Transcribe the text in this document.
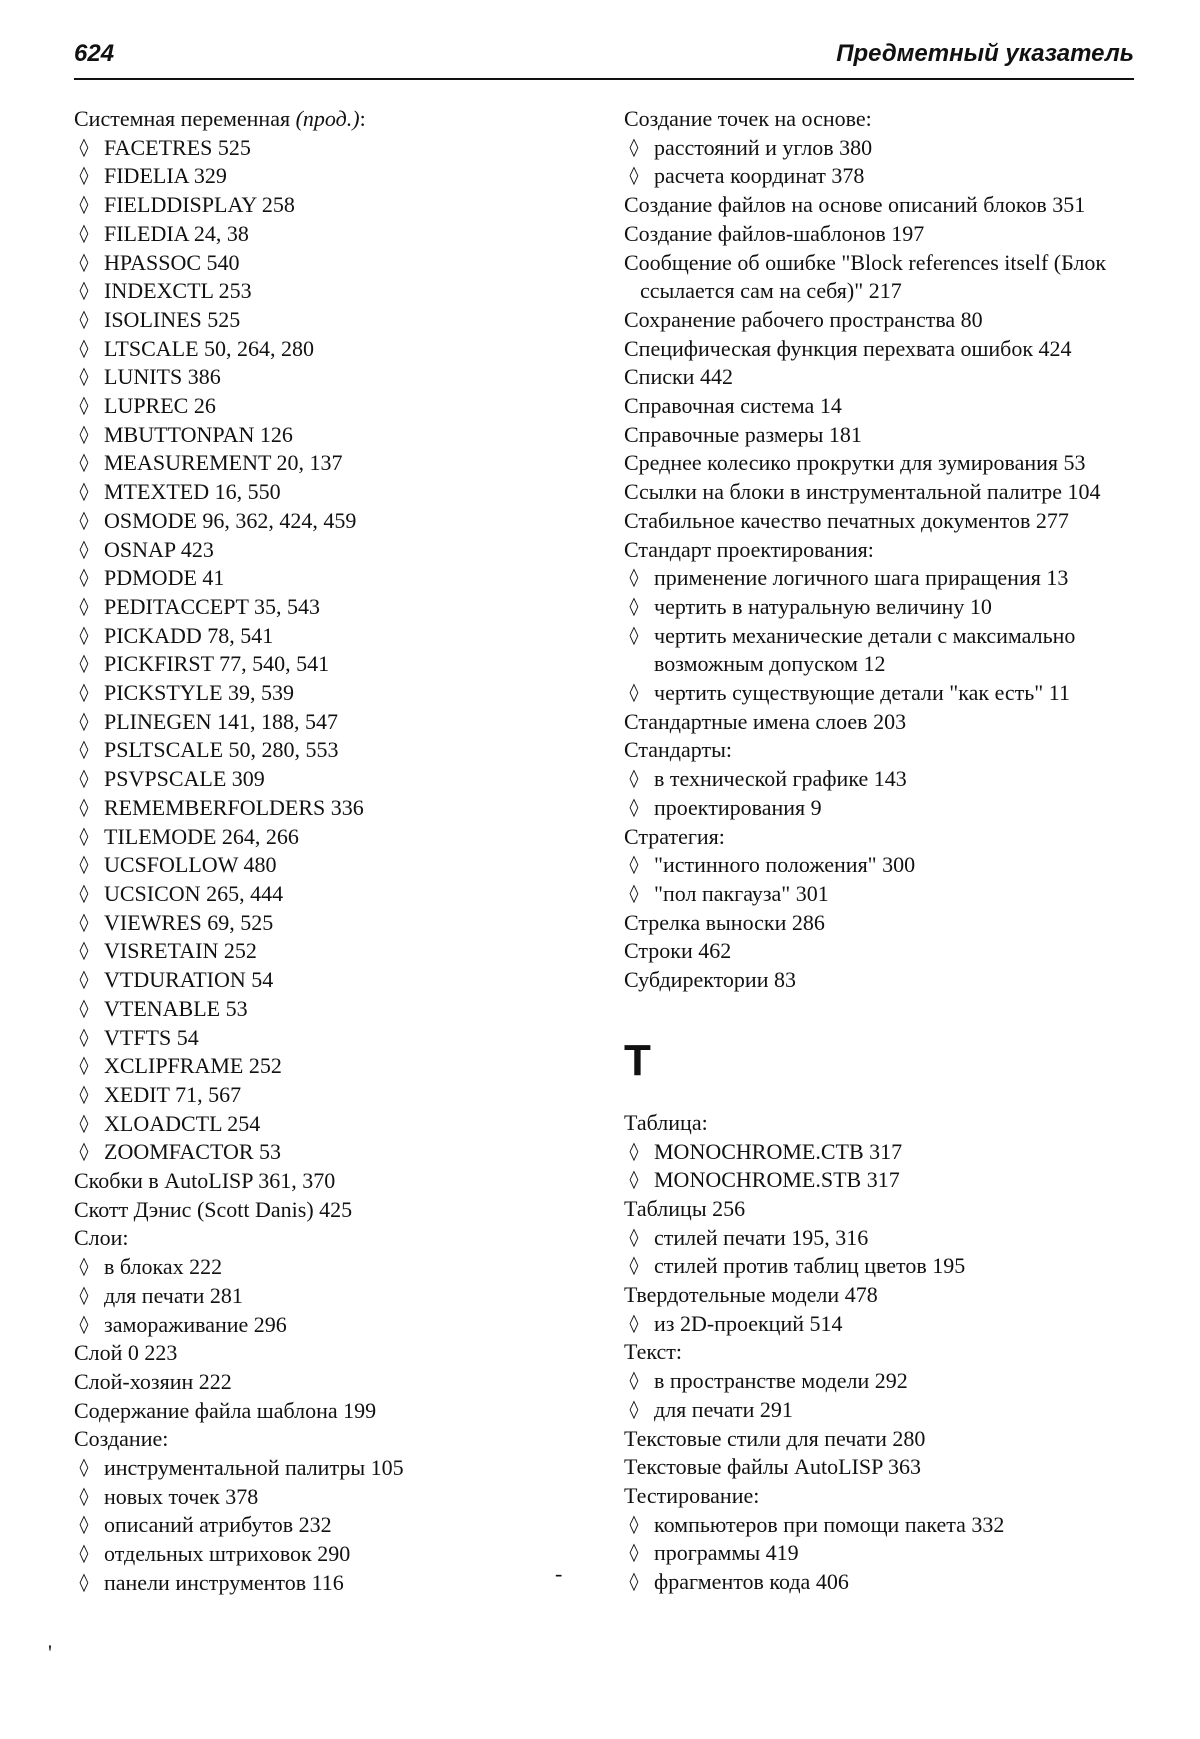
624	Предметный указатель
Системная переменная (прод.):
◊ FACETRES 525
◊ FIDELIA 329
◊ FIELDDISPLAY 258
◊ FILEDIA 24, 38
◊ HPASSOC 540
◊ INDEXCTL 253
◊ ISOLINES 525
◊ LTSCALE 50, 264, 280
◊ LUNITS 386
◊ LUPREC 26
◊ MBUTTONPAN 126
◊ MEASUREMENT 20, 137
◊ MTEXTED 16, 550
◊ OSMODE 96, 362, 424, 459
◊ OSNAP 423
◊ PDMODE 41
◊ PEDITACCEPT 35, 543
◊ PICKADD 78, 541
◊ PICKFIRST 77, 540, 541
◊ PICKSTYLE 39, 539
◊ PLINEGEN 141, 188, 547
◊ PSLTSCALE 50, 280, 553
◊ PSVPSCALE 309
◊ REMEMBERFOLDERS 336
◊ TILEMODE 264, 266
◊ UCSFOLLOW 480
◊ UCSICON 265, 444
◊ VIEWRES 69, 525
◊ VISRETAIN 252
◊ VTDURATION 54
◊ VTENABLE 53
◊ VTFTS 54
◊ XCLIPFRAME 252
◊ XEDIT 71, 567
◊ XLOADCTL 254
◊ ZOOMFACTOR 53
Скобки в AutoLISP 361, 370
Скотт Дэнис (Scott Danis) 425
Слои:
◊ в блоках 222
◊ для печати 281
◊ замораживание 296
Слой 0 223
Слой-хозяин 222
Содержание файла шаблона 199
Создание:
◊ инструментальной палитры 105
◊ новых точек 378
◊ описаний атрибутов 232
◊ отдельных штриховок 290
◊ панели инструментов 116
Создание точек на основе:
◊ расстояний и углов 380
◊ расчета координат 378
Создание файлов на основе описаний блоков 351
Создание файлов-шаблонов 197
Сообщение об ошибке "Block references itself (Блок ссылается сам на себя)" 217
Сохранение рабочего пространства 80
Специфическая функция перехвата ошибок 424
Списки 442
Справочная система 14
Справочные размеры 181
Среднее колесико прокрутки для зумирования 53
Ссылки на блоки в инструментальной палитре 104
Стабильное качество печатных документов 277
Стандарт проектирования:
◊ применение логичного шага приращения 13
◊ чертить в натуральную величину 10
◊ чертить механические детали с максимально возможным допуском 12
◊ чертить существующие детали "как есть" 11
Стандартные имена слоев 203
Стандарты:
◊ в технической графике 143
◊ проектирования 9
Стратегия:
◊ "истинного положения" 300
◊ "пол пакгауза" 301
Стрелка выноски 286
Строки 462
Субдиректории 83
Т
Таблица:
◊ MONOCHROME.CTB 317
◊ MONOCHROME.STB 317
Таблицы 256
◊ стилей печати 195, 316
◊ стилей против таблиц цветов 195
Твердотельные модели 478
◊ из 2D-проекций 514
Текст:
◊ в пространстве модели 292
◊ для печати 291
Текстовые стили для печати 280
Текстовые файлы AutoLISP 363
Тестирование:
◊ компьютеров при помощи пакета 332
◊ программы 419
◊ фрагментов кода 406
-
'
